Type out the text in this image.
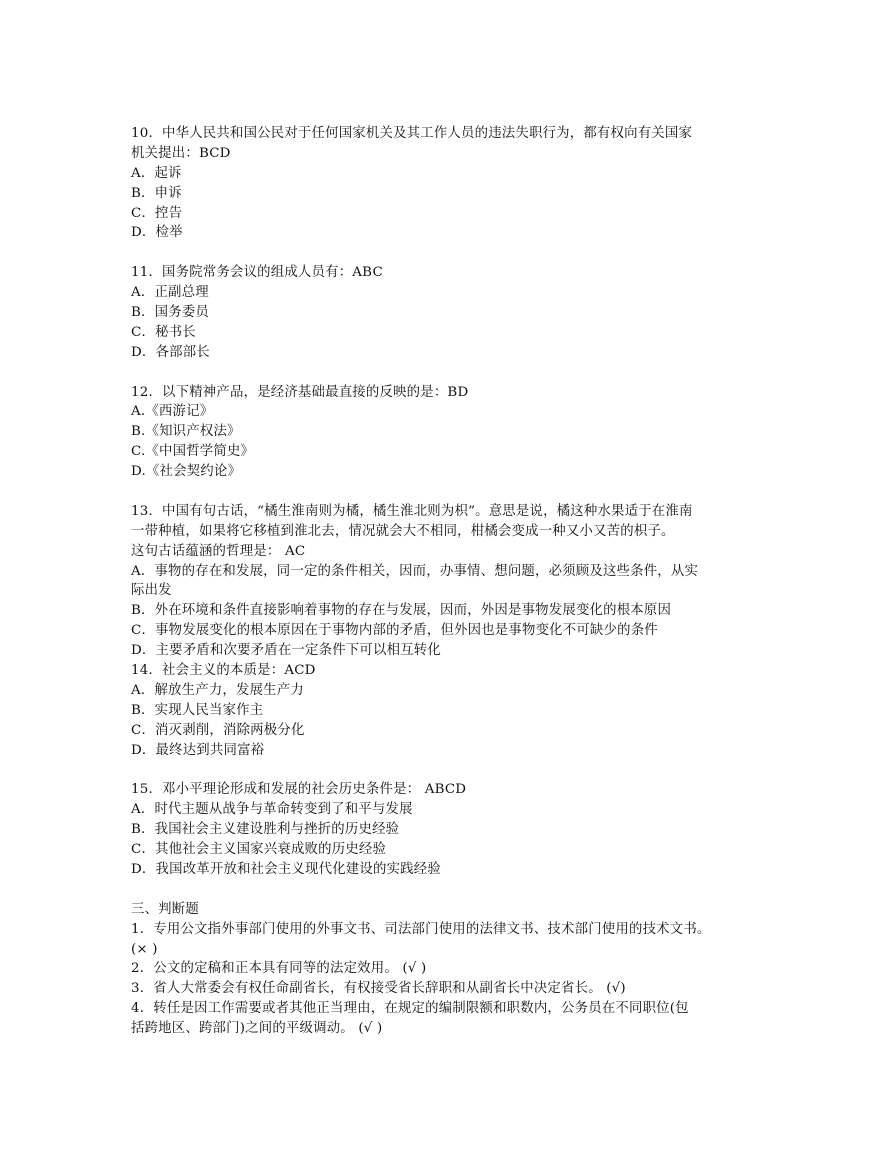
10．中华人民共和国公民对于任何国家机关及其工作人员的违法失职行为，都有权向有关国家
机关提出：BCD
A．起诉
B．申诉
C．控告
D．检举
11．国务院常务会议的组成人员有：ABC
A．正副总理
B．国务委员
C．秘书长
D．各部部长
12．以下精神产品，是经济基础最直接的反映的是：BD
A.《西游记》
B.《知识产权法》
C.《中国哲学简史》
D.《社会契约论》
13．中国有句古话，“橘生淮南则为橘，橘生淮北则为枳”。意思是说，橘这种水果适于在淮南
一带种植，如果将它移植到淮北去，情况就会大不相同，柑橘会变成一种又小又苦的枳子。
这句古话蕴涵的哲理是： AC
A．事物的存在和发展，同一定的条件相关，因而，办事情、想问题，必须顾及这些条件，从实
际出发
B．外在环境和条件直接影响着事物的存在与发展，因而，外因是事物发展变化的根本原因
C．事物发展变化的根本原因在于事物内部的矛盾，但外因也是事物变化不可缺少的条件
D．主要矛盾和次要矛盾在一定条件下可以相互转化
14．社会主义的本质是：ACD
A．解放生产力，发展生产力
B．实现人民当家作主
C．消灭剥削，消除两极分化
D．最终达到共同富裕
15．邓小平理论形成和发展的社会历史条件是： ABCD
A．时代主题从战争与革命转变到了和平与发展
B．我国社会主义建设胜利与挫折的历史经验
C．其他社会主义国家兴衰成败的历史经验
D．我国改革开放和社会主义现代化建设的实践经验
三、判断题
1．专用公文指外事部门使用的外事文书、司法部门使用的法律文书、技术部门使用的技术文书。
(× )
2．公文的定稿和正本具有同等的法定效用。 (√ )
3．省人大常委会有权任命副省长，有权接受省长辞职和从副省长中决定省长。 (√)
4．转任是因工作需要或者其他正当理由，在规定的编制限额和职数内，公务员在不同职位(包
括跨地区、跨部门)之间的平级调动。 (√ )
